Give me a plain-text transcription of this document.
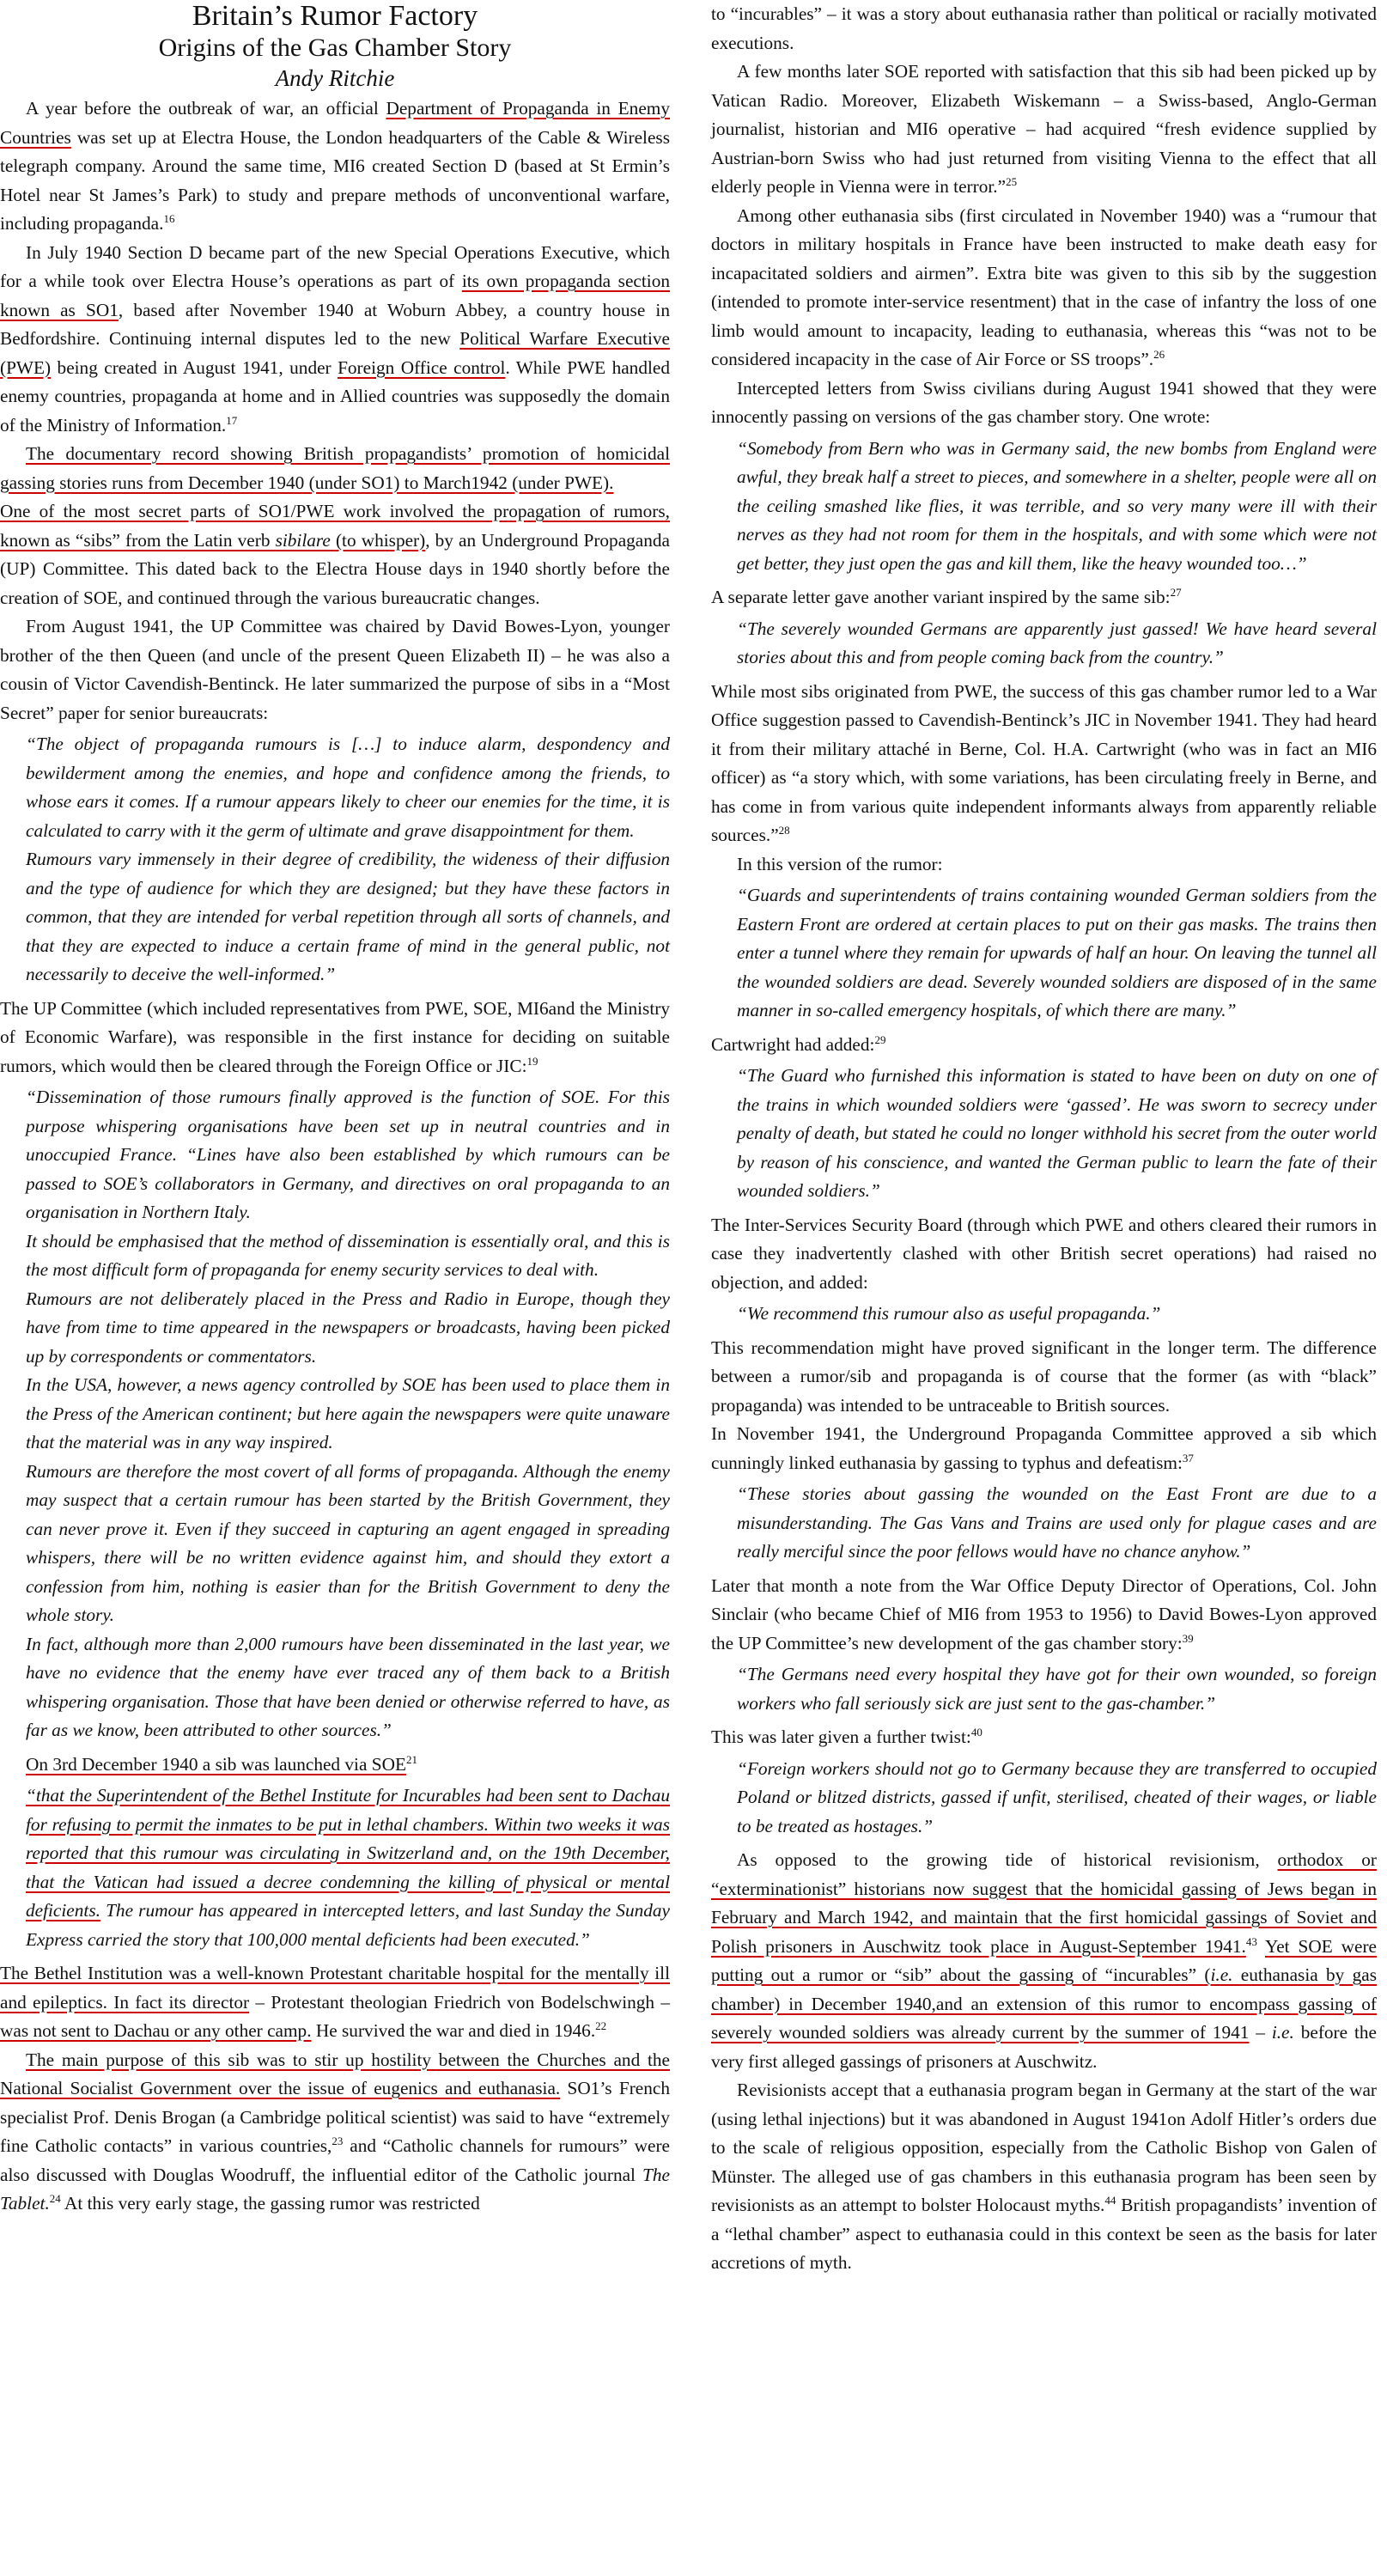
Britain’s Rumor Factory
Origins of the Gas Chamber Story
Andy Ritchie

A year before the outbreak of war, an official Department of Propaganda in Enemy Countries was set up at Electra House, the London headquarters of the Cable & Wireless telegraph company. Around the same time, MI6 created Section D (based at St Ermin’s Hotel near St James’s Park) to study and prepare methods of unconventional warfare, including propaganda.$^{16}$

In July 1940 Section D became part of the new Special Operations Executive, which for a while took over Electra House’s operations as part of its own propaganda section known as SO1, based after November 1940 at Woburn Abbey, a country house in Bedfordshire. Continuing internal disputes led to the new Political Warfare Executive (PWE) being created in August 1941, under Foreign Office control. While PWE handled enemy countries, propaganda at home and in Allied countries was supposedly the domain of the Ministry of Information.$^{17}$

The documentary record showing British propagandists’ promotion of homicidal gassing stories runs from December 1940 (under SO1) to March1942 (under PWE).

One of the most secret parts of SO1/PWE work involved the propagation of rumors, known as “sibs” from the Latin verb sibilare (to whisper), by an Underground Propaganda (UP) Committee. This dated back to the Electra House days in 1940 shortly before the creation of SOE, and continued through the various bureaucratic changes.

From August 1941, the UP Committee was chaired by David Bowes-Lyon, younger brother of the then Queen (and uncle of the present Queen Elizabeth II) – he was also a cousin of Victor Cavendish-Bentinck. He later summarized the purpose of sibs in a “Most Secret” paper for senior bureaucrats:

“The object of propaganda rumours is […] to induce alarm, despondency and bewilderment among the enemies, and hope and confidence among the friends, to whose ears it comes. If a rumour appears likely to cheer our enemies for the time, it is calculated to carry with it the germ of ultimate and grave disappointment for them.
Rumours vary immensely in their degree of credibility, the wideness of their diffusion and the type of audience for which they are designed; but they have these factors in common, that they are intended for verbal repetition through all sorts of channels, and that they are expected to induce a certain frame of mind in the general public, not necessarily to deceive the well-informed.”

The UP Committee (which included representatives from PWE, SOE, MI6and the Ministry of Economic Warfare), was responsible in the first instance for deciding on suitable rumors, which would then be cleared through the Foreign Office or JIC:$^{19}$

“Dissemination of those rumours finally approved is the function of SOE. For this purpose whispering organisations have been set up in neutral countries and in unoccupied France. “Lines have also been established by which rumours can be passed to SOE’s collaborators in Germany, and directives on oral propaganda to an organisation in Northern Italy.
It should be emphasised that the method of dissemination is essentially oral, and this is the most difficult form of propaganda for enemy security services to deal with.
Rumours are not deliberately placed in the Press and Radio in Europe, though they have from time to time appeared in the newspapers or broadcasts, having been picked up by correspondents or commentators.
In the USA, however, a news agency controlled by SOE has been used to place them in the Press of the American continent; but here again the newspapers were quite unaware that the material was in any way inspired.
Rumours are therefore the most covert of all forms of propaganda. Although the enemy may suspect that a certain rumour has been started by the British Government, they can never prove it. Even if they succeed in capturing an agent engaged in spreading whispers, there will be no written evidence against him, and should they extort a confession from him, nothing is easier than for the British Government to deny the whole story.
In fact, although more than 2,000 rumours have been disseminated in the last year, we have no evidence that the enemy have ever traced any of them back to a British whispering organisation. Those that have been denied or otherwise referred to have, as far as we know, been attributed to other sources.”

On 3rd December 1940 a sib was launched via SOE$^{21}$

“that the Superintendent of the Bethel Institute for Incurables had been sent to Dachau for refusing to permit the inmates to be put in lethal chambers. Within two weeks it was reported that this rumour was circulating in Switzerland and, on the 19th December, that the Vatican had issued a decree condemning the killing of physical or mental deficients. The rumour has appeared in intercepted letters, and last Sunday the Sunday Express carried the story that 100,000 mental deficients had been executed.”

The Bethel Institution was a well-known Protestant charitable hospital for the mentally ill and epileptics. In fact its director – Protestant theologian Friedrich von Bodelschwingh – was not sent to Dachau or any other camp. He survived the war and died in 1946.22

The main purpose of this sib was to stir up hostility between the Churches and the National Socialist Government over the issue of eugenics and euthanasia. SO1’s French specialist Prof. Denis Brogan (a Cambridge political scientist) was said to have “extremely fine Catholic contacts” in various countries,$^{23}$ and “Catholic channels for rumours” were also discussed with Douglas Woodruff, the influential editor of the Catholic journal The Tablet.$^{24}$ At this very early stage, the gassing rumor was restricted

to “incurables” – it was a story about euthanasia rather than political or racially motivated executions.

A few months later SOE reported with satisfaction that this sib had been picked up by Vatican Radio. Moreover, Elizabeth Wiskemann – a Swiss-based, Anglo-German journalist, historian and MI6 operative – had acquired “fresh evidence supplied by Austrian-born Swiss who had just returned from visiting Vienna to the effect that all elderly people in Vienna were in terror.”$^{25}$

Among other euthanasia sibs (first circulated in November 1940) was a “rumour that doctors in military hospitals in France have been instructed to make death easy for incapacitated soldiers and airmen”. Extra bite was given to this sib by the suggestion (intended to promote inter-service resentment) that in the case of infantry the loss of one limb would amount to incapacity, leading to euthanasia, whereas this “was not to be considered incapacity in the case of Air Force or SS troops”.$^{26}$

Intercepted letters from Swiss civilians during August 1941 showed that they were innocently passing on versions of the gas chamber story. One wrote:

“Somebody from Bern who was in Germany said, the new bombs from England were awful, they break half a street to pieces, and somewhere in a shelter, people were all on the ceiling smashed like flies, it was terrible, and so very many were ill with their nerves as they had not room for them in the hospitals, and with some which were not get better, they just open the gas and kill them, like the heavy wounded too…”

A separate letter gave another variant inspired by the same sib:$^{27}$

“The severely wounded Germans are apparently just gassed! We have heard several stories about this and from people coming back from the country.”

While most sibs originated from PWE, the success of this gas chamber rumor led to a War Office suggestion passed to Cavendish-Bentinck’s JIC in November 1941. They had heard it from their military attaché in Berne, Col. H.A. Cartwright (who was in fact an MI6 officer) as “a story which, with some variations, has been circulating freely in Berne, and has come in from various quite independent informants always from apparently reliable sources.”$^{28}$

In this version of the rumor:

“Guards and superintendents of trains containing wounded German soldiers from the Eastern Front are ordered at certain places to put on their gas masks. The trains then enter a tunnel where they remain for upwards of half an hour. On leaving the tunnel all the wounded soldiers are dead. Severely wounded soldiers are disposed of in the same manner in so-called emergency hospitals, of which there are many.”

Cartwright had added:$^{29}$

“The Guard who furnished this information is stated to have been on duty on one of the trains in which wounded soldiers were ‘gassed’. He was sworn to secrecy under penalty of death, but stated he could no longer withhold his secret from the outer world by reason of his conscience, and wanted the German public to learn the fate of their wounded soldiers.”

The Inter-Services Security Board (through which PWE and others cleared their rumors in case they inadvertently clashed with other British secret operations) had raised no objection, and added:

“We recommend this rumour also as useful propaganda.”

This recommendation might have proved significant in the longer term. The difference between a rumor/sib and propaganda is of course that the former (as with “black” propaganda) was intended to be untraceable to British sources.

In November 1941, the Underground Propaganda Committee approved a sib which cunningly linked euthanasia by gassing to typhus and defeatism:$^{37}$

“These stories about gassing the wounded on the East Front are due to a misunderstanding. The Gas Vans and Trains are used only for plague cases and are really merciful since the poor fellows would have no chance anyhow.”

Later that month a note from the War Office Deputy Director of Operations, Col. John Sinclair (who became Chief of MI6 from 1953 to 1956) to David Bowes-Lyon approved the UP Committee’s new development of the gas chamber story:$^{39}$

“The Germans need every hospital they have got for their own wounded, so foreign workers who fall seriously sick are just sent to the gas-chamber.”

This was later given a further twist:$^{40}$

“Foreign workers should not go to Germany because they are transferred to occupied Poland or blitzed districts, gassed if unfit, sterilised, cheated of their wages, or liable to be treated as hostages.”

As opposed to the growing tide of historical revisionism, orthodox or “exterminationist” historians now suggest that the homicidal gassing of Jews began in February and March 1942, and maintain that the first homicidal gassings of Soviet and Polish prisoners in Auschwitz took place in August-September 1941.43 Yet SOE were putting out a rumor or “sib” about the gassing of “incurables” (i.e. euthanasia by gas chamber) in December 1940,and an extension of this rumor to encompass gassing of severely wounded soldiers was already current by the summer of 1941 – i.e. before the very first alleged gassings of prisoners at Auschwitz.

Revisionists accept that a euthanasia program began in Germany at the start of the war (using lethal injections) but it was abandoned in August 1941on Adolf Hitler’s orders due to the scale of religious opposition, especially from the Catholic Bishop von Galen of Münster. The alleged use of gas chambers in this euthanasia program has been seen by revisionists as an attempt to bolster Holocaust myths.$^{44}$ British propagandists’ invention of a “lethal chamber” aspect to euthanasia could in this context be seen as the basis for later accretions of myth.
